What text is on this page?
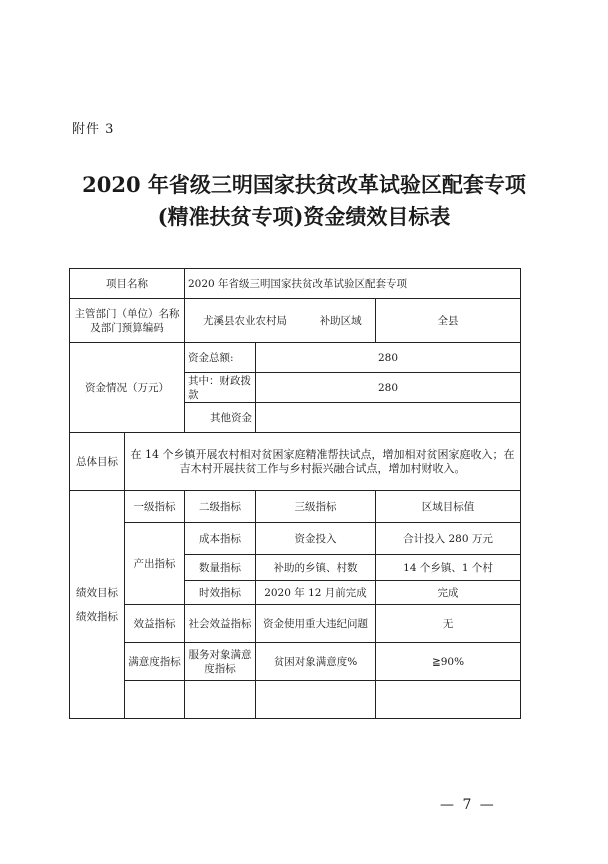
附件 3
2020 年省级三明国家扶贫改革试验区配套专项
(精准扶贫专项)资金绩效目标表
项目名称		2020 年省级三明国家扶贫改革试验区配套专项		
主管部门（单位）名称及部门预算编码		尤溪县农业农村局 补助区域		全县
资金情况（万元）		资金总额:	280	
		其中：财政拨款	280	
		其他资金		
总体目标	在 14 个乡镇开展农村相对贫困家庭精准帮扶试点，增加相对贫困家庭收入；在吉木村开展扶贫工作与乡村振兴融合试点，增加村财收入。			

绩效目标
绩效指标	一级指标	二级指标	三级指标	区域目标值
	产出指标	成本指标	资金投入	合计投入 280 万元
		数量指标	补助的乡镇、村数	14 个乡镇、1 个村
		时效指标	2020 年 12 月前完成	完成
	效益指标	社会效益指标	资金使用重大违纪问题	无
	满意度指标	服务对象满意度指标	贫困对象满意度%	≧90%

— 7 —
